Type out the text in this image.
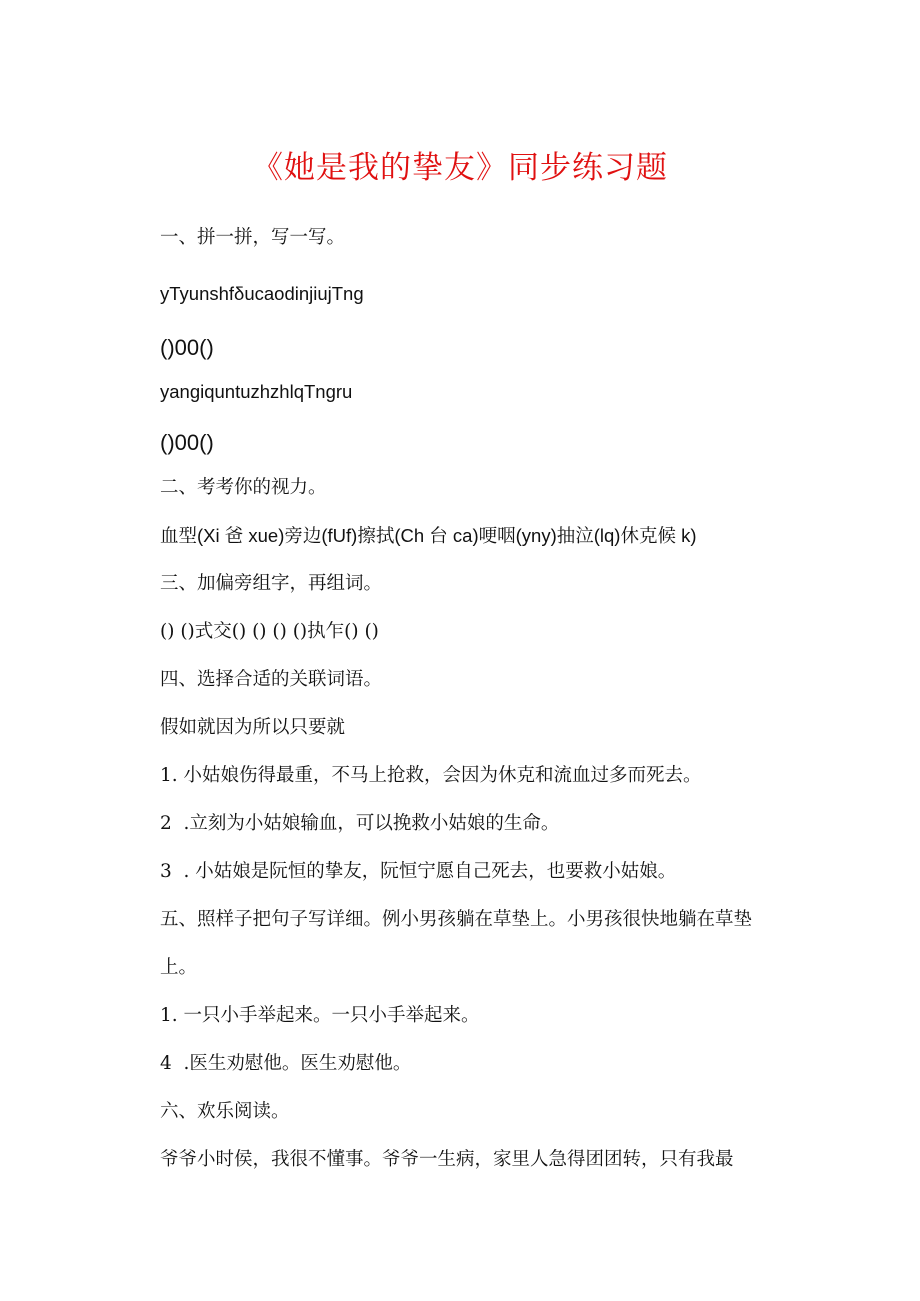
《她是我的挚友》同步练习题
一、拼一拼，写一写。
yTyunshfδucaodinjiujTng
()00()
yangiquntuzhzhlqTngru
()00()
二、考考你的视力。
血型(Xi 爸 xue)旁边(fUf)擦拭(Ch 台 ca)哽咽(yny)抽泣(lq)休克候 k)
三、加偏旁组字，再组词。
() ()式交() () () ()执乍() ()
四、选择合适的关联词语。
假如就因为所以只要就
1. 小姑娘伤得最重，不马上抢救，会因为休克和流血过多而死去。
2  .立刻为小姑娘输血，可以挽救小姑娘的生命。
3  . 小姑娘是阮恒的挚友，阮恒宁愿自己死去，也要救小姑娘。
五、照样子把句子写详细。例小男孩躺在草垫上。小男孩很快地躺在草垫上。
1. 一只小手举起来。一只小手举起来。
4  .医生劝慰他。医生劝慰他。
六、欢乐阅读。
爷爷小时侯，我很不懂事。爷爷一生病，家里人急得团团转，只有我最
